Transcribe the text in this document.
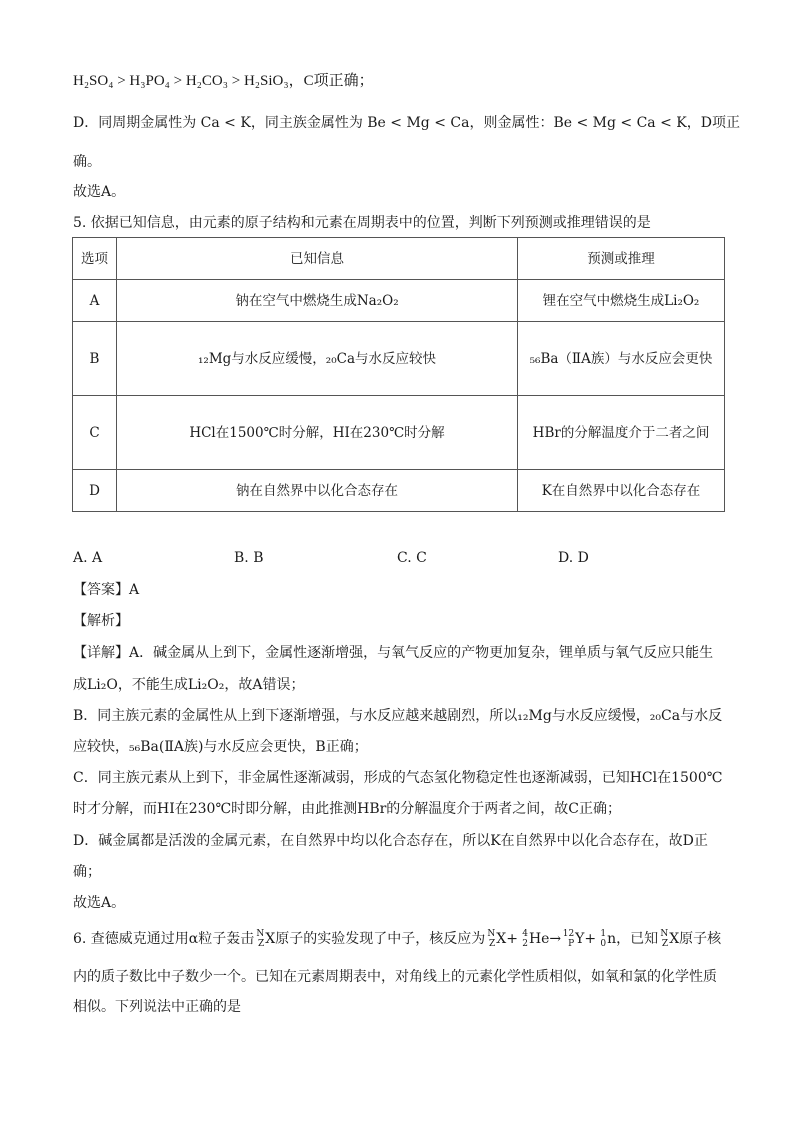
H₂SO₄ > H₃PO₄ > H₂CO₃ > H₂SiO₃，C项正确；
D．同周期金属性为 Ca < K，同主族金属性为 Be < Mg < Ca，则金属性：Be < Mg < Ca < K，D项正
确。
故选A。
5. 依据已知信息，由元素的原子结构和元素在周期表中的位置，判断下列预测或推理错误的是
选项	已知信息	预测或推理
A	钠在空气中燃烧生成Na₂O₂	锂在空气中燃烧生成Li₂O₂
B	₁₂Mg与水反应缓慢，₂₀Ca与水反应较快	₅₆Ba（ⅡA族）与水反应会更快
C	HCl在1500℃时分解，HI在230℃时分解	HBr的分解温度介于二者之间
D	钠在自然界中以化合态存在	K在自然界中以化合态存在
A. A	B. B	C. C	D. D
【答案】A
【解析】
【详解】A．碱金属从上到下，金属性逐渐增强，与氧气反应的产物更加复杂，锂单质与氧气反应只能生
成Li₂O，不能生成Li₂O₂，故A错误；
B．同主族元素的金属性从上到下逐渐增强，与水反应越来越剧烈，所以₁₂Mg与水反应缓慢，₂₀Ca与水反
应较快，₅₆Ba(ⅡA族)与水反应会更快，B正确；
C．同主族元素从上到下，非金属性逐渐减弱，形成的气态氢化物稳定性也逐渐减弱，已知HCl在1500℃
时才分解，而HI在230℃时即分解，由此推测HBr的分解温度介于两者之间，故C正确；
D．碱金属都是活泼的金属元素，在自然界中均以化合态存在，所以K在自然界中以化合态存在，故D正
确；
故选A。
6. 查德威克通过用α粒子轰击 N
Z X原子的实验发现了中子，核反应为 N
Z X+ 4
2 He→ 12
P Y+ 1
0 n，已知 N
Z X原子核
内的质子数比中子数少一个。已知在元素周期表中，对角线上的元素化学性质相似，如氧和氯的化学性质
相似。下列说法中正确的是
